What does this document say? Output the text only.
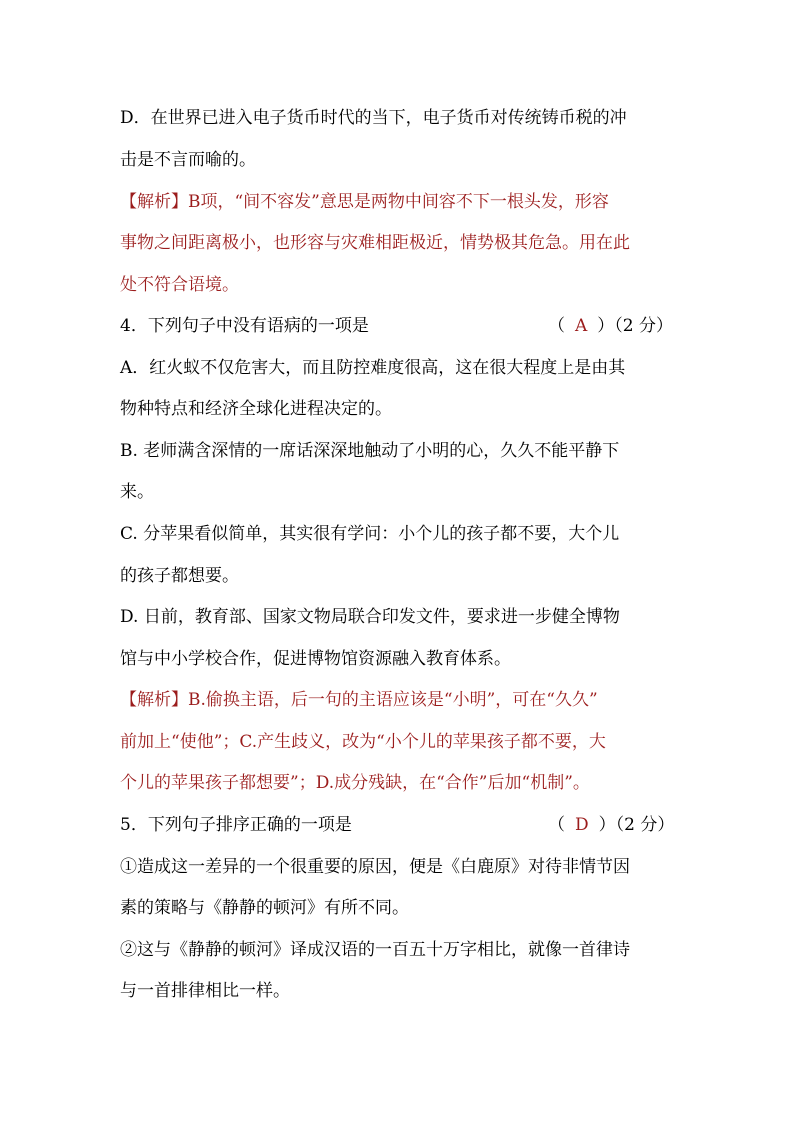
D．在世界已进入电子货币时代的当下，电子货币对传统铸币税的冲
击是不言而喻的。
【解析】B项，“间不容发”意思是两物中间容不下一根头发，形容
事物之间距离极小，也形容与灾难相距极近，情势极其危急。用在此
处不符合语境。
4．下列句子中没有语病的一项是	（ A ）（2 分）
A．红火蚁不仅危害大，而且防控难度很高，这在很大程度上是由其
物种特点和经济全球化进程决定的。
B. 老师满含深情的一席话深深地触动了小明的心，久久不能平静下
来。
C. 分苹果看似简单，其实很有学问：小个儿的孩子都不要，大个儿
的孩子都想要。
D. 日前，教育部、国家文物局联合印发文件，要求进一步健全博物
馆与中小学校合作，促进博物馆资源融入教育体系。
【解析】B.偷换主语，后一句的主语应该是“小明”，可在“久久”
前加上“使他”；C.产生歧义，改为“小个儿的苹果孩子都不要，大
个儿的苹果孩子都想要”；D.成分残缺，在“合作”后加“机制”。
5．下列句子排序正确的一项是	（ D ）（2 分）
①造成这一差异的一个很重要的原因，便是《白鹿原》对待非情节因
素的策略与《静静的顿河》有所不同。
②这与《静静的顿河》译成汉语的一百五十万字相比，就像一首律诗
与一首排律相比一样。
